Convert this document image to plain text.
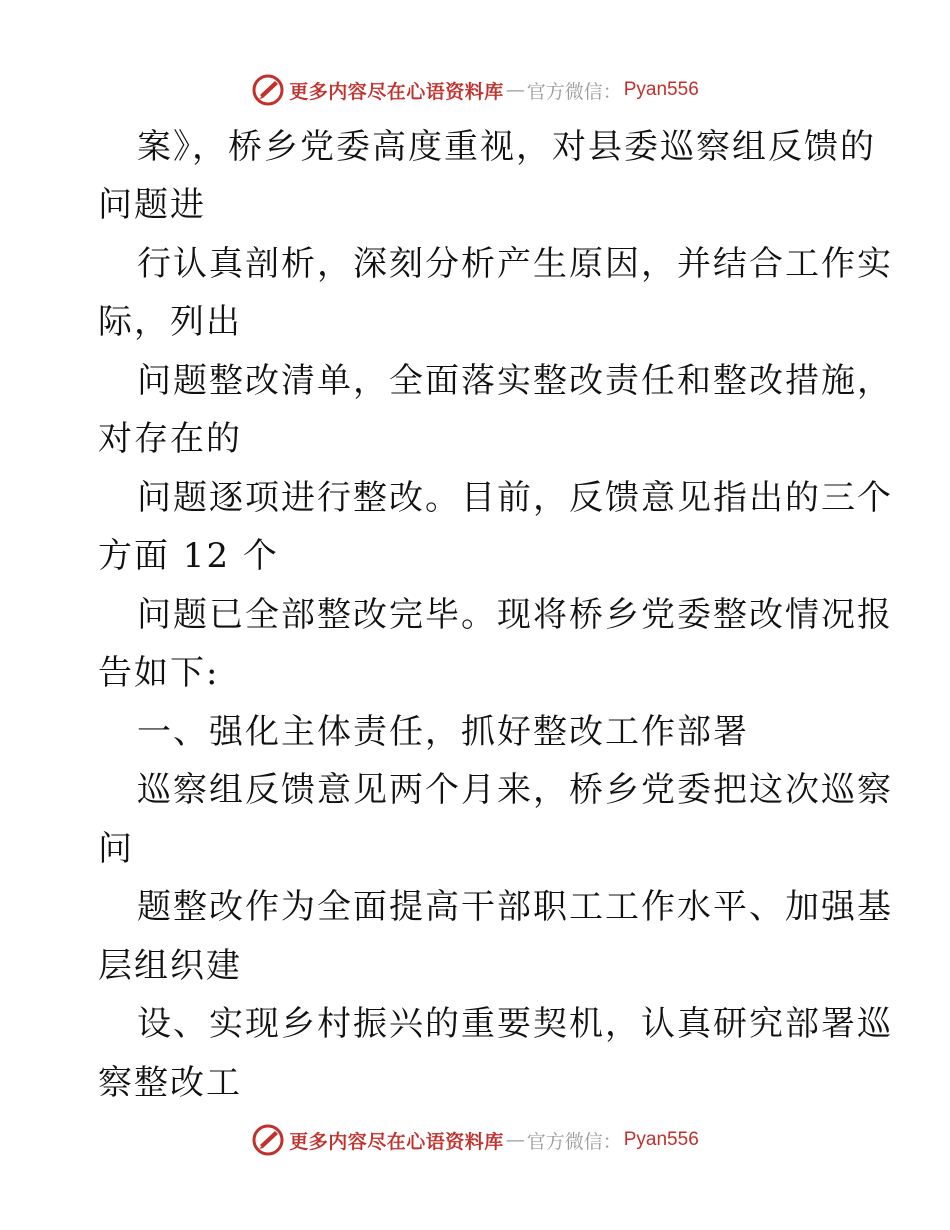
更多内容尽在心语资料库 — 官方微信： Pyan556
案》，桥乡党委高度重视，对县委巡察组反馈的
问题进
行认真剖析，深刻分析产生原因，并结合工作实
际，列出
问题整改清单，全面落实整改责任和整改措施，
对存在的
问题逐项进行整改。目前，反馈意见指出的三个
方面 12 个
问题已全部整改完毕。现将桥乡党委整改情况报
告如下:
一、强化主体责任，抓好整改工作部署
巡察组反馈意见两个月来，桥乡党委把这次巡察
问
题整改作为全面提高干部职工工作水平、加强基
层组织建
设、实现乡村振兴的重要契机，认真研究部署巡
察整改工
更多内容尽在心语资料库 — 官方微信： Pyan556
